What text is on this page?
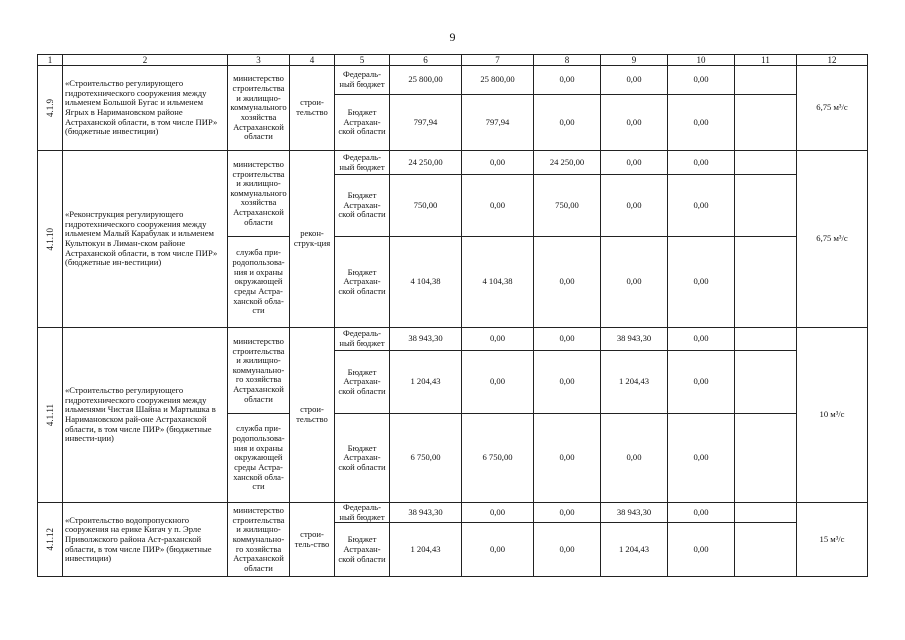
9
1	2	3	4	5	6	7	8	9	10	11	12

4.1.9	«Строительство регулирующего гидротехнического сооружения между ильменем Большой Бугас и ильменем Ягрых в Наримановском районе Астраханской области, в том числе ПИР» (бюджетные инвестиции)	министерство строительства и жилищно-коммунального хозяйства Астраханской области	строи-тельство	Федераль-ный бюджет	25 800,00	25 800,00	0,00	0,00	0,00		6,75 м³/с
				Бюджет Астрахан-ской области	797,94	797,94	0,00	0,00	0,00		

4.1.10	«Реконструкция регулирующего гидротехнического сооружения между ильменем Малый Карабулак и ильменем Культюкун в Лиман-ском районе Астраханской области, в том числе ПИР» (бюджетные ин-вестиции)	министерство строительства и жилищно-коммунального хозяйства Астраханской области	рекон-струк-ция	Федераль-ный бюджет	24 250,00	0,00	24 250,00	0,00	0,00		6,75 м³/с
				Бюджет Астрахан-ской области	750,00	0,00	750,00	0,00	0,00		
		служба при-родопользова-ния и охраны окружающей среды Астра-ханской обла-сти		Бюджет Астрахан-ской области	4 104,38	4 104,38	0,00	0,00	0,00		

4.1.11	«Строительство регулирующего гидротехнического сооружения между ильменями Чистая Шайна и Мартышка в Наримановском рай-оне Астраханской области, в том числе ПИР» (бюджетные инвести-ции)	министерство строительства и жилищно-коммунально-го хозяйства Астраханской области	строи-тельство	Федераль-ный бюджет	38 943,30	0,00	0,00	38 943,30	0,00		10 м³/с
				Бюджет Астрахан-ской области	1 204,43	0,00	0,00	1 204,43	0,00		
		служба при-родопользова-ния и охраны окружающей среды Астра-ханской обла-сти		Бюджет Астрахан-ской области	6 750,00	6 750,00	0,00	0,00	0,00		

4.1.12	«Строительство водопропускного сооружения на ерике Кигач у п. Эрле Приволжского района Аст-раханской области, в том числе ПИР» (бюджетные инвестиции)	министерство строительства и жилищно-коммунально-го хозяйства Астраханской области	строи-тель-ство	Федераль-ный бюджет	38 943,30	0,00	0,00	38 943,30	0,00		15 м³/с
				Бюджет Астрахан-ской области	1 204,43	0,00	0,00	1 204,43	0,00		
